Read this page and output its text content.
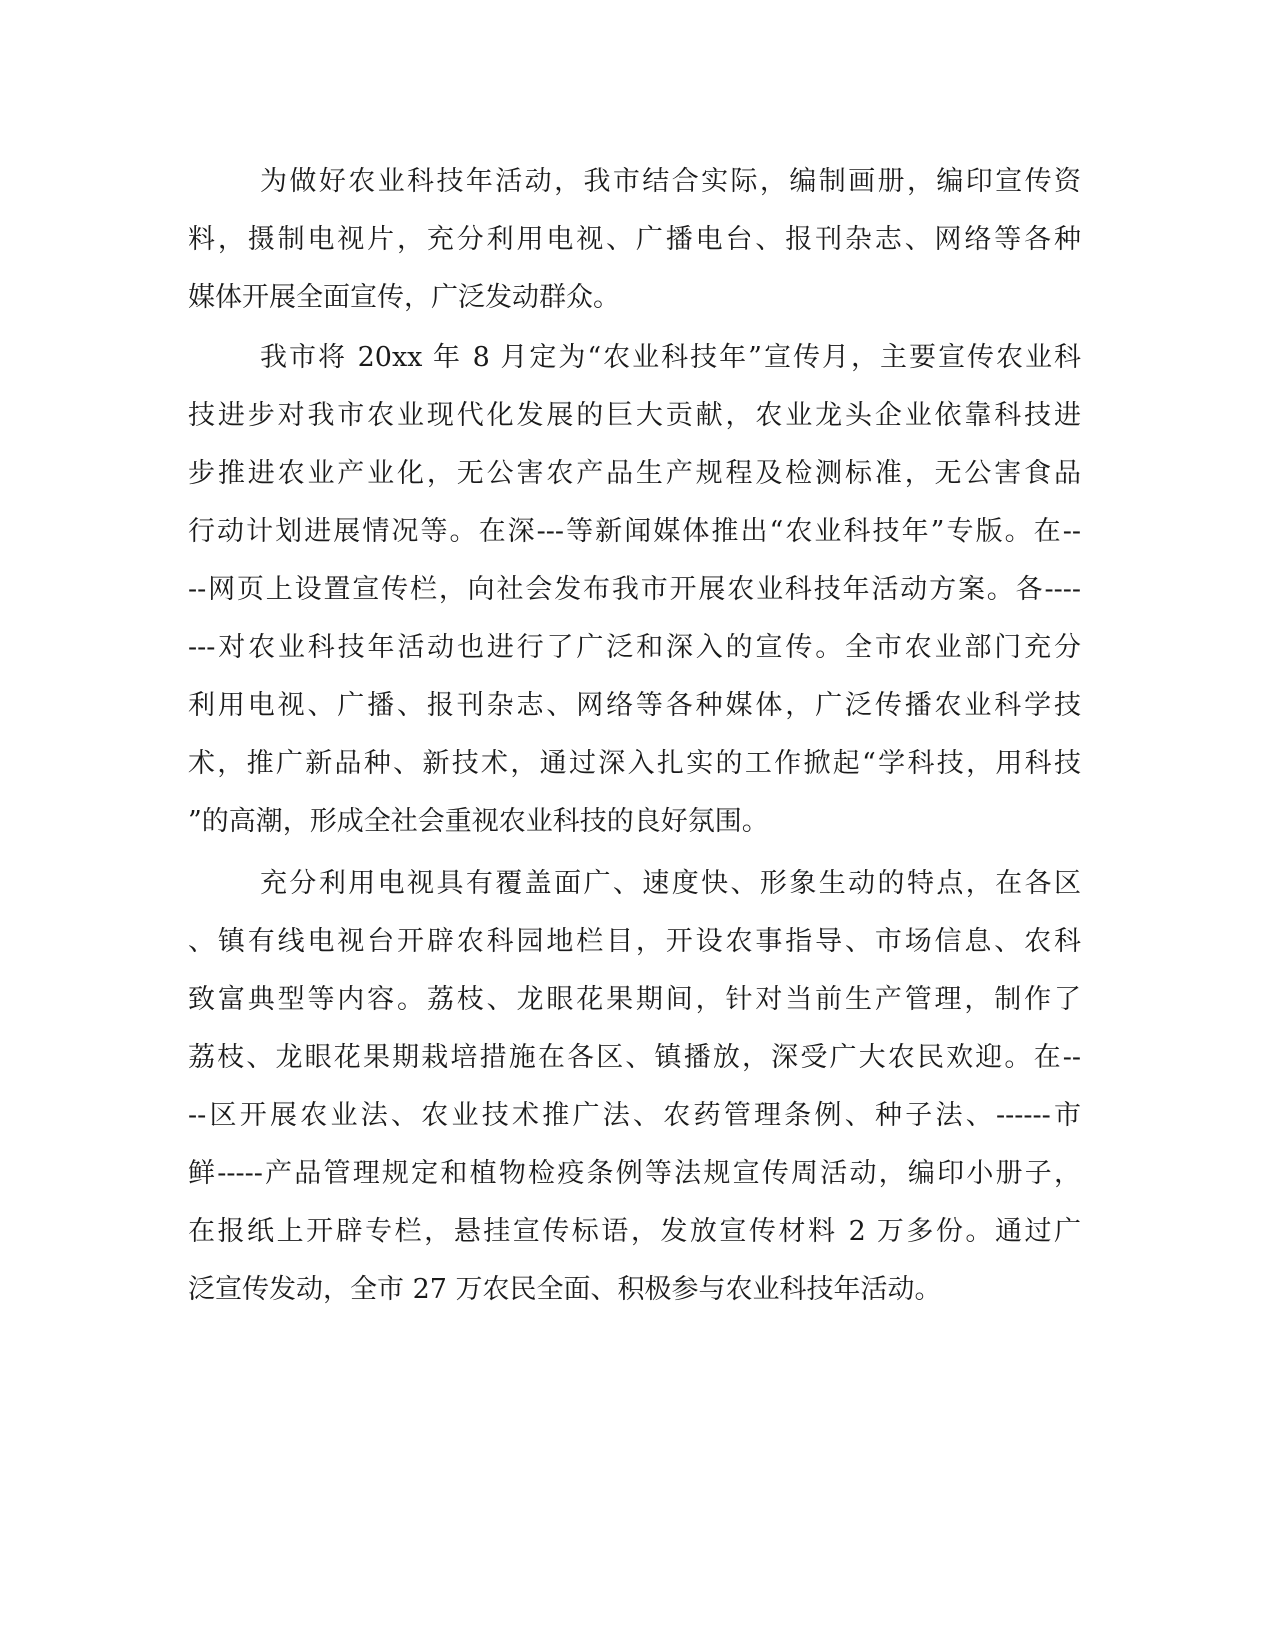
为做好农业科技年活动，我市结合实际，编制画册，编印宣传资
料，摄制电视片，充分利用电视、广播电台、报刊杂志、网络等各种
媒体开展全面宣传，广泛发动群众。
我市将 20xx 年 8 月定为“农业科技年”宣传月，主要宣传农业科
技进步对我市农业现代化发展的巨大贡献，农业龙头企业依靠科技进
步推进农业产业化，无公害农产品生产规程及检测标准，无公害食品
行动计划进展情况等。在深---等新闻媒体推出“农业科技年”专版。在--
--网页上设置宣传栏，向社会发布我市开展农业科技年活动方案。各----
---对农业科技年活动也进行了广泛和深入的宣传。全市农业部门充分
利用电视、广播、报刊杂志、网络等各种媒体，广泛传播农业科学技
术，推广新品种、新技术，通过深入扎实的工作掀起“学科技，用科技
”的高潮，形成全社会重视农业科技的良好氛围。
充分利用电视具有覆盖面广、速度快、形象生动的特点，在各区
、镇有线电视台开辟农科园地栏目，开设农事指导、市场信息、农科
致富典型等内容。荔枝、龙眼花果期间，针对当前生产管理，制作了
荔枝、龙眼花果期栽培措施在各区、镇播放，深受广大农民欢迎。在--
--区开展农业法、农业技术推广法、农药管理条例、种子法、------市
鲜-----产品管理规定和植物检疫条例等法规宣传周活动，编印小册子，
在报纸上开辟专栏，悬挂宣传标语，发放宣传材料 2 万多份。通过广
泛宣传发动，全市 27 万农民全面、积极参与农业科技年活动。
